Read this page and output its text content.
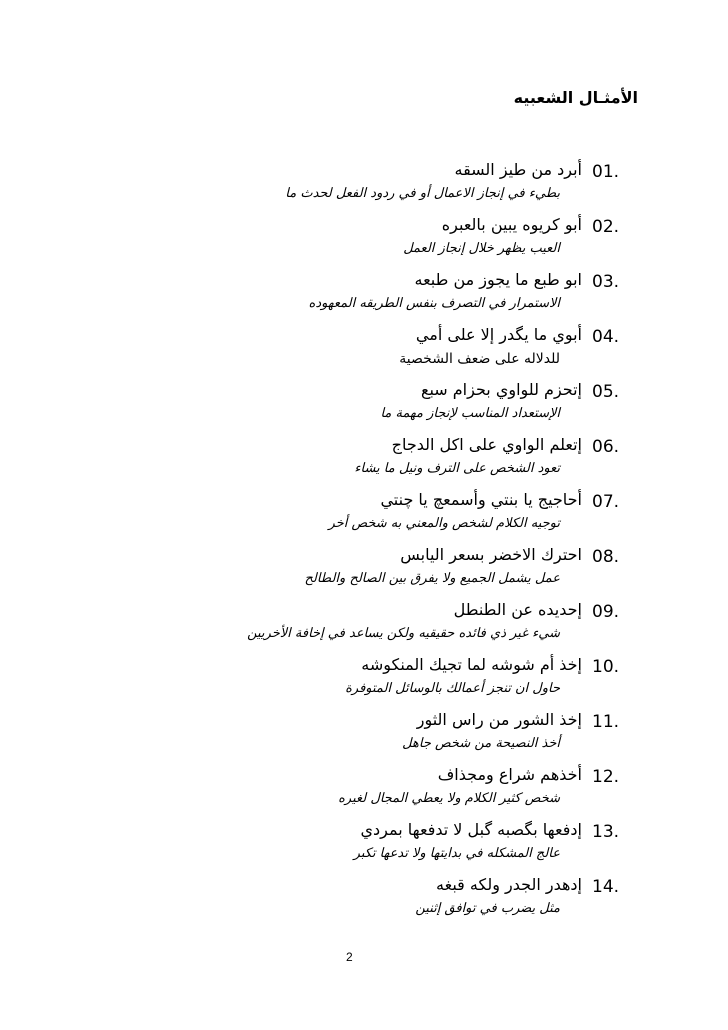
الأمثـال الشعبيه
01.
أبرد من طيز السقه
بطيء في إنجاز الاعمال أو في ردود الفعل لحدث ما
02.
أبو كريوه يبين بالعبره
العيب يظهر خلال إنجاز العمل
03.
ابو طبع ما يجوز من طبعه
الاستمرار في التصرف بنفس الطريقه المعهوده
04.
أبوي ما يگدر إلا على أمي
للدلاله على ضعف الشخصية
05.
إتحزم للواوي بحزام سبع
الإستعداد المناسب لإنجاز مهمة ما
06.
إتعلم الواوي على اكل الدجاج
تعود الشخص على الترف ونيل ما يشاء
07.
أحاجيج يا بنتي وأسمعچ يا چنتي
توجيه الكلام لشخص والمعني به شخص أخر
08.
احترك الاخضر بسعر اليابس
عمل يشمل الجميع ولا يفرق بين الصالح والطالح
09.
إحديده عن الطنطل
شيء غير ذي فائده حقيقيه ولكن يساعد في إخافة الأخريين
10.
إخذ أم شوشه لما تجيك المنكوشه
حاول ان تنجز أعمالك بالوسائل المتوفرة
11.
إخذ الشور من راس الثور
أخذ النصيحة من شخص جاهل
12.
أخذهم شراع ومجذاف
شخص كثير الكلام ولا يعطي المجال لغيره
13.
إدفعها بگصبه گبل لا تدفعها بمردي
عالج المشكله في بدايتها ولا تدعها تكبر
14.
إدهدر الجدر ولكه قبغه
مثل يضرب في توافق إثنين
2
